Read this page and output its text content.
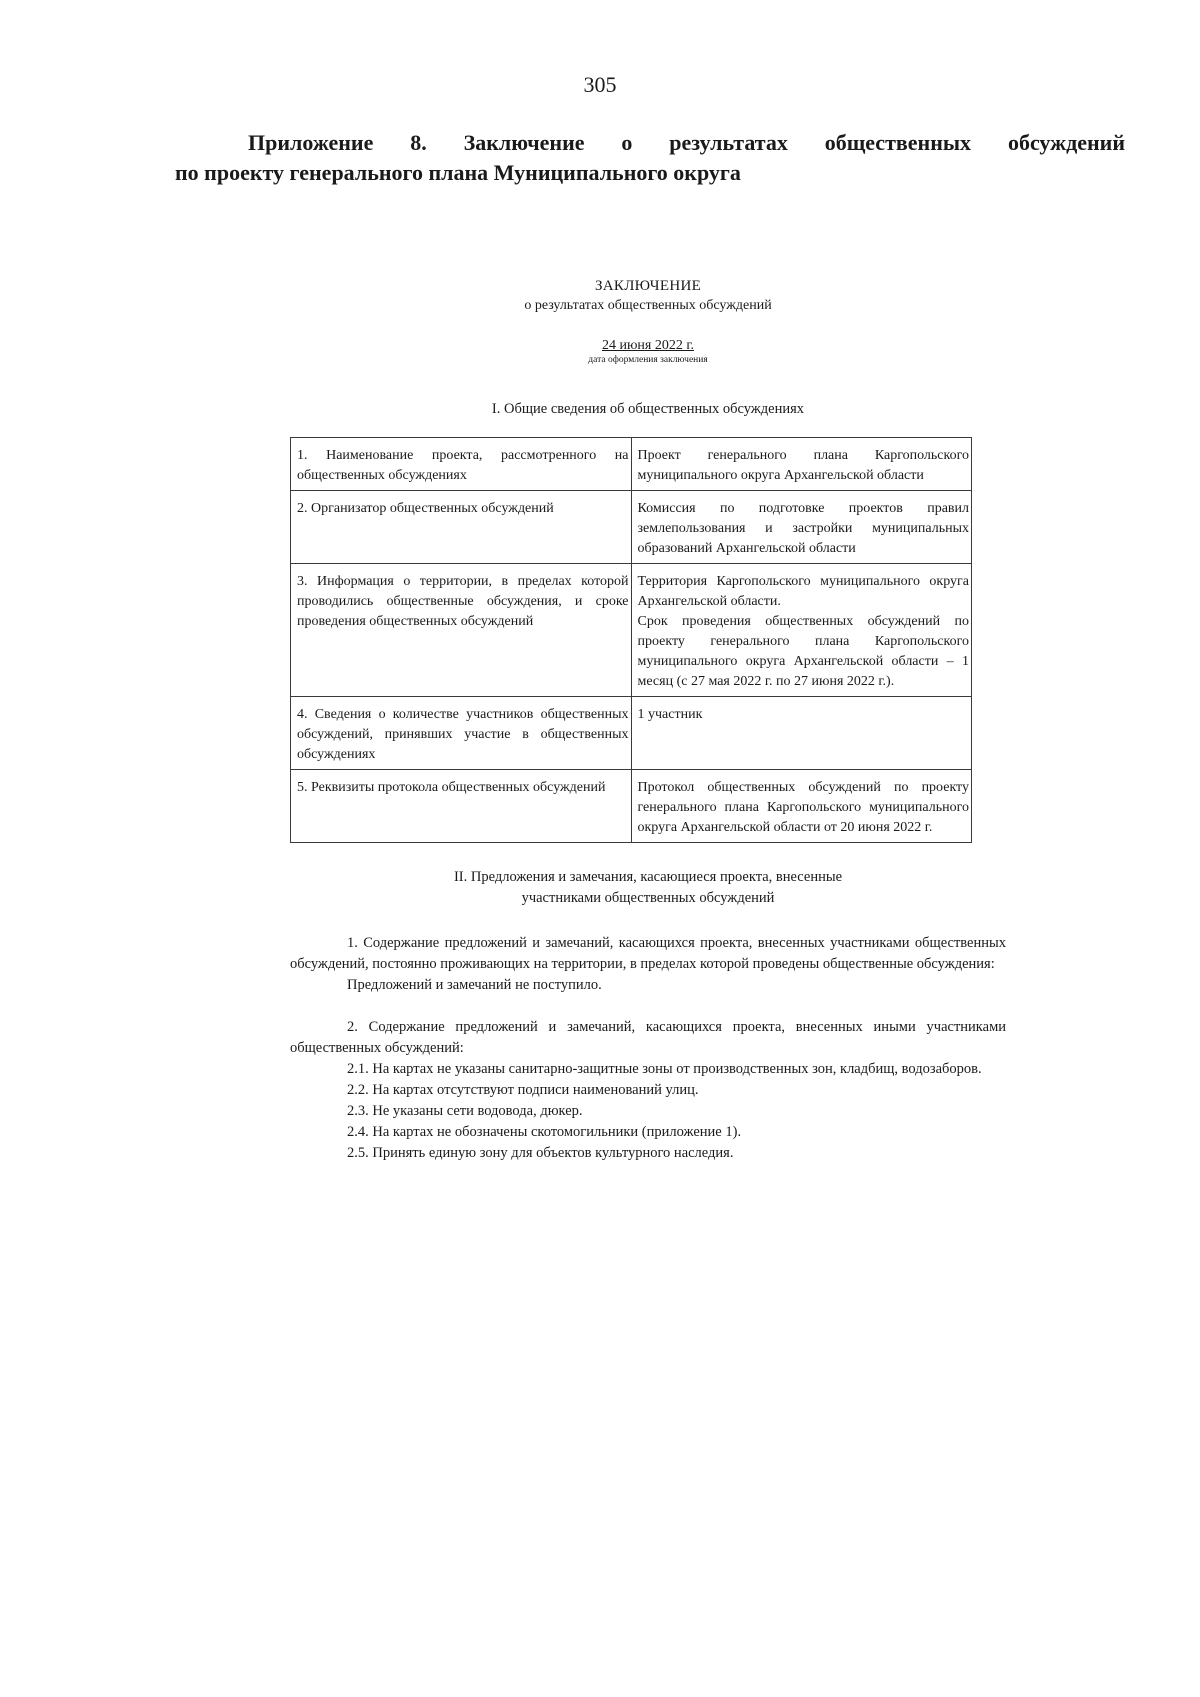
305
Приложение 8. Заключение о результатах общественных обсуждений
по проекту генерального плана Муниципального округа
ЗАКЛЮЧЕНИЕ
о результатах общественных обсуждений
24 июня 2022 г.
дата оформления заключения
I. Общие сведения об общественных обсуждениях
1. Наименование проекта, рассмотренного на общественных обсуждениях	Проект генерального плана Каргопольского муниципального округа Архангельской области
2. Организатор общественных обсуждений	Комиссия по подготовке проектов правил землепользования и застройки муниципальных образований Архангельской области
3. Информация о территории, в пределах которой проводились общественные обсуждения, и сроке проведения общественных обсуждений	Территория Каргопольского муниципального округа Архангельской области.
Срок проведения общественных обсуждений по проекту генерального плана Каргопольского муниципального округа Архангельской области – 1 месяц (с 27 мая 2022 г. по 27 июня 2022 г.).

4. Сведения о количестве участников общественных обсуждений, принявших участие в общественных обсуждениях	1 участник
5. Реквизиты протокола общественных обсуждений	Протокол общественных обсуждений по проекту генерального плана Каргопольского муниципального округа Архангельской области от 20 июня 2022 г.
II. Предложения и замечания, касающиеся проекта, внесенные
участниками общественных обсуждений

1. Содержание предложений и замечаний, касающихся проекта, внесенных участниками общественных обсуждений, постоянно проживающих на территории, в пределах которой проведены общественные обсуждения:

Предложений и замечаний не поступило.

2. Содержание предложений и замечаний, касающихся проекта, внесенных иными участниками общественных обсуждений:

2.1. На картах не указаны санитарно-защитные зоны от производственных зон, кладбищ, водозаборов.

2.2. На картах отсутствуют подписи наименований улиц.

2.3. Не указаны сети водовода, дюкер.

2.4. На картах не обозначены скотомогильники (приложение 1).

2.5. Принять единую зону для объектов культурного наследия.
